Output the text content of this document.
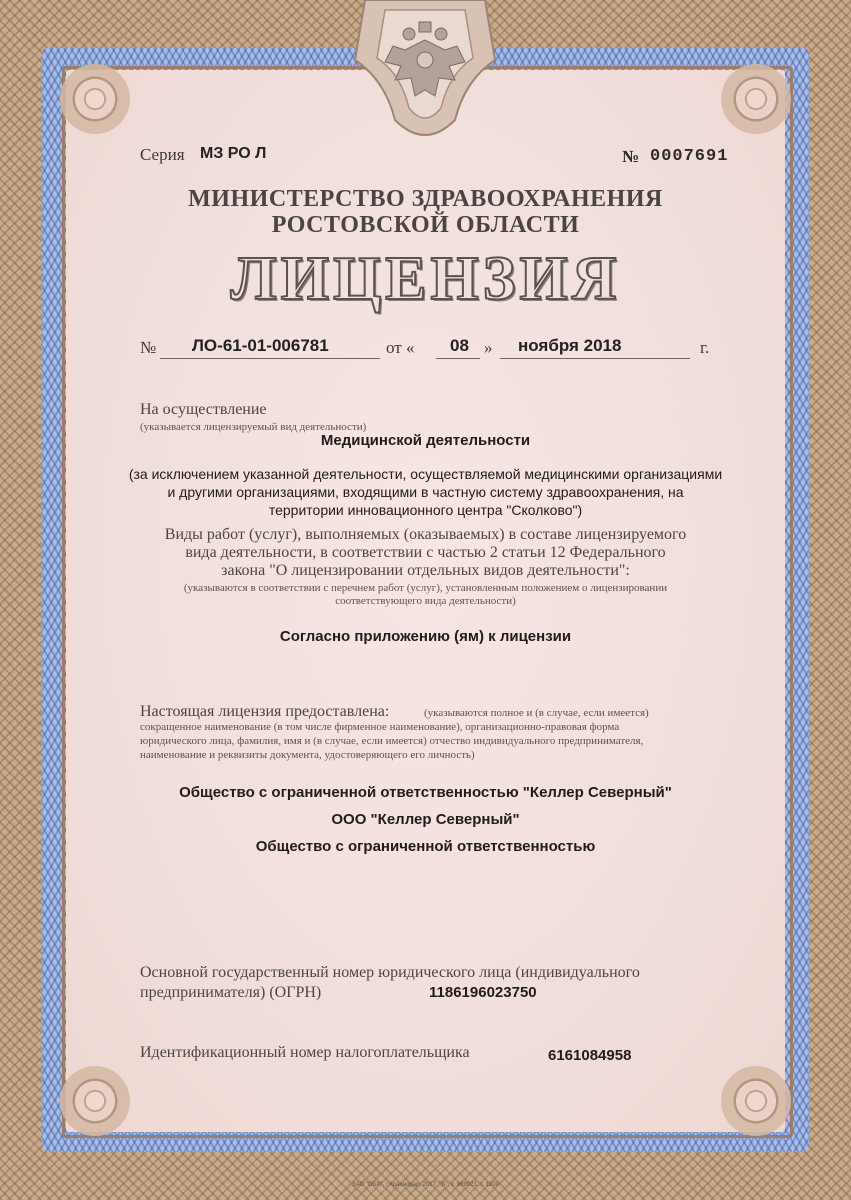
Серия МЗ РО Л	№ 0007691
МИНИСТЕРСТВО ЗДРАВООХРАНЕНИЯ
РОСТОВСКОЙ ОБЛАСТИ
ЛИЦЕНЗИЯ
№ ЛО-61-01-006781	от « 08 » ноября 2018	г.
На осуществление
(указывается лицензируемый вид деятельности)
Медицинской деятельности
(за исключением указанной деятельности, осуществляемой медицинскими организациями
и другими организациями, входящими в частную систему здравоохранения, на
территории инновационного центра "Сколково")
Виды работ (услуг), выполняемых (оказываемых) в составе лицензируемого
вида деятельности, в соответствии с частью 2 статьи 12 Федерального
закона "О лицензировании отдельных видов деятельности":
(указываются в соответствии с перечнем работ (услуг), установленным положением о лицензировании
соответствующего вида деятельности)
Согласно приложению (ям) к лицензии
Настоящая лицензия предоставлена:	(указываются полное и (в случае, если имеется)
сокращенное наименование (в том числе фирменное наименование), организационно-правовая форма
юридического лица, фамилия, имя и (в случае, если имеется) отчество индивидуального предпринимателя,
наименование и реквизиты документа, удостоверяющего его личность)
Общество с ограниченной ответственностью "Келлер Северный"
ООО "Келлер Северный"
Общество с ограниченной ответственностью
Основной государственный номер юридического лица (индивидуального
предпринимателя) (ОГРН)	1186196023750
Идентификационный номер налогоплательщика	6161084958
ЗАО "ОБИ", г.Краснодар, 2017, "Б", з. 889921, т. 1200
